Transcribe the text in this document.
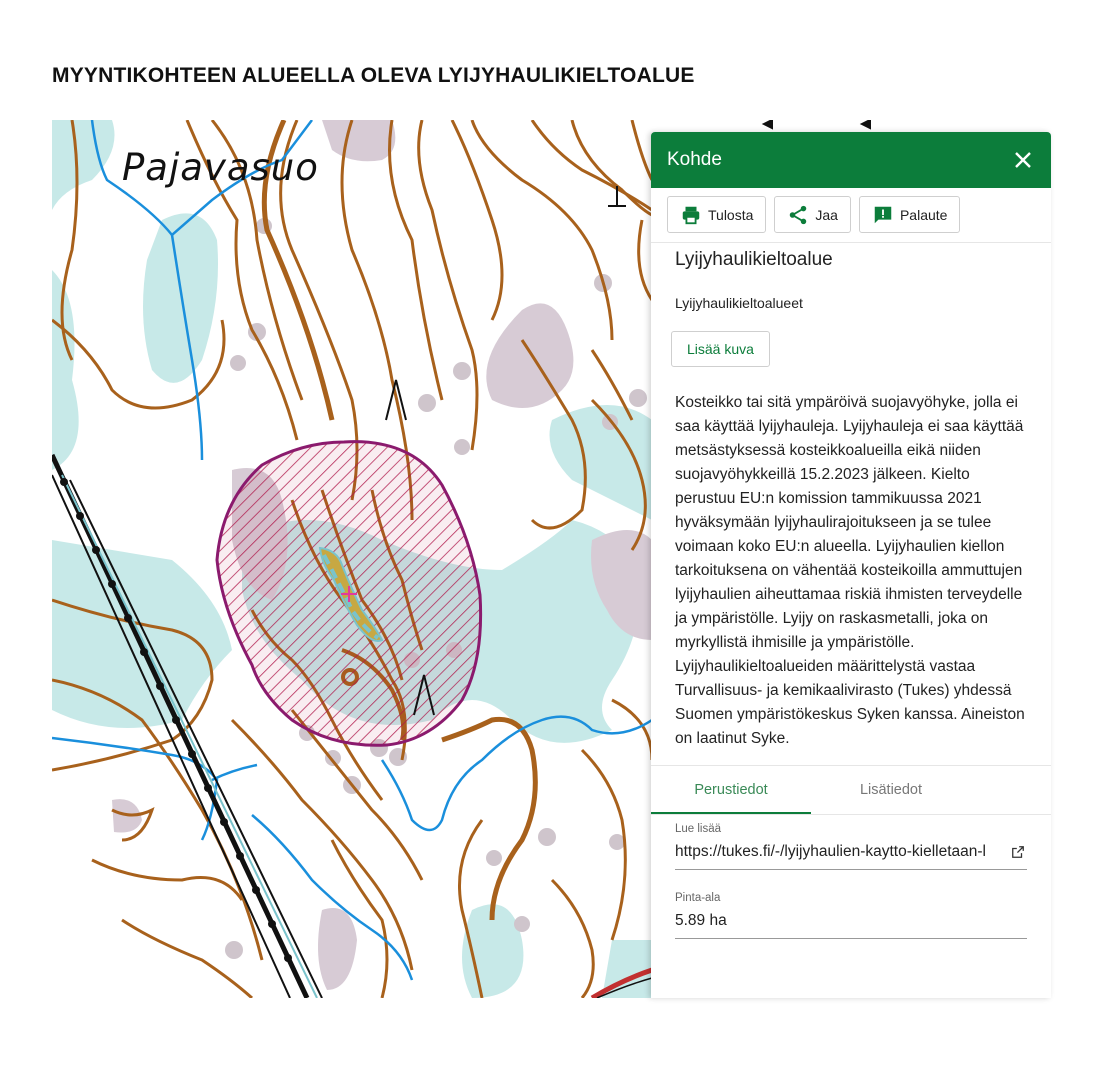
MYYNTIKOHTEEN ALUEELLA OLEVA LYIJYHAULIKIELTOALUE
Pajavasuo	Kohde
Tulosta	Jaa	Palaute
Lyijyhaulikieltoalue
Lyijyhaulikieltoalueet
Lisää kuva
Kosteikko tai sitä ympäröivä suojavyöhyke, jolla ei saa käyttää lyijyhauleja. Lyijyhauleja ei saa käyttää metsästyksessä kosteikkoalueilla eikä niiden suojavyöhykkeillä 15.2.2023 jälkeen. Kielto perustuu EU:n komission tammikuussa 2021 hyväksymään lyijyhaulirajoitukseen ja se tulee voimaan koko EU:n alueella. Lyijyhaulien kiellon tarkoituksena on vähentää kosteikoilla ammuttujen lyijyhaulien aiheuttamaa riskiä ihmisten terveydelle ja ympäristölle. Lyijy on raskasmetalli, joka on myrkyllistä ihmisille ja ympäristölle. Lyijyhaulikieltoalueiden määrittelystä vastaa Turvallisuus- ja kemikaalivirasto (Tukes) yhdessä Suomen ympäristökeskus Syken kanssa. Aineiston on laatinut Syke.
Perustiedot	Lisätiedot
Lue lisää
https://tukes.fi/-/lyijyhaulien-kaytto-kielletaan-l
Pinta-ala
5.89 ha
